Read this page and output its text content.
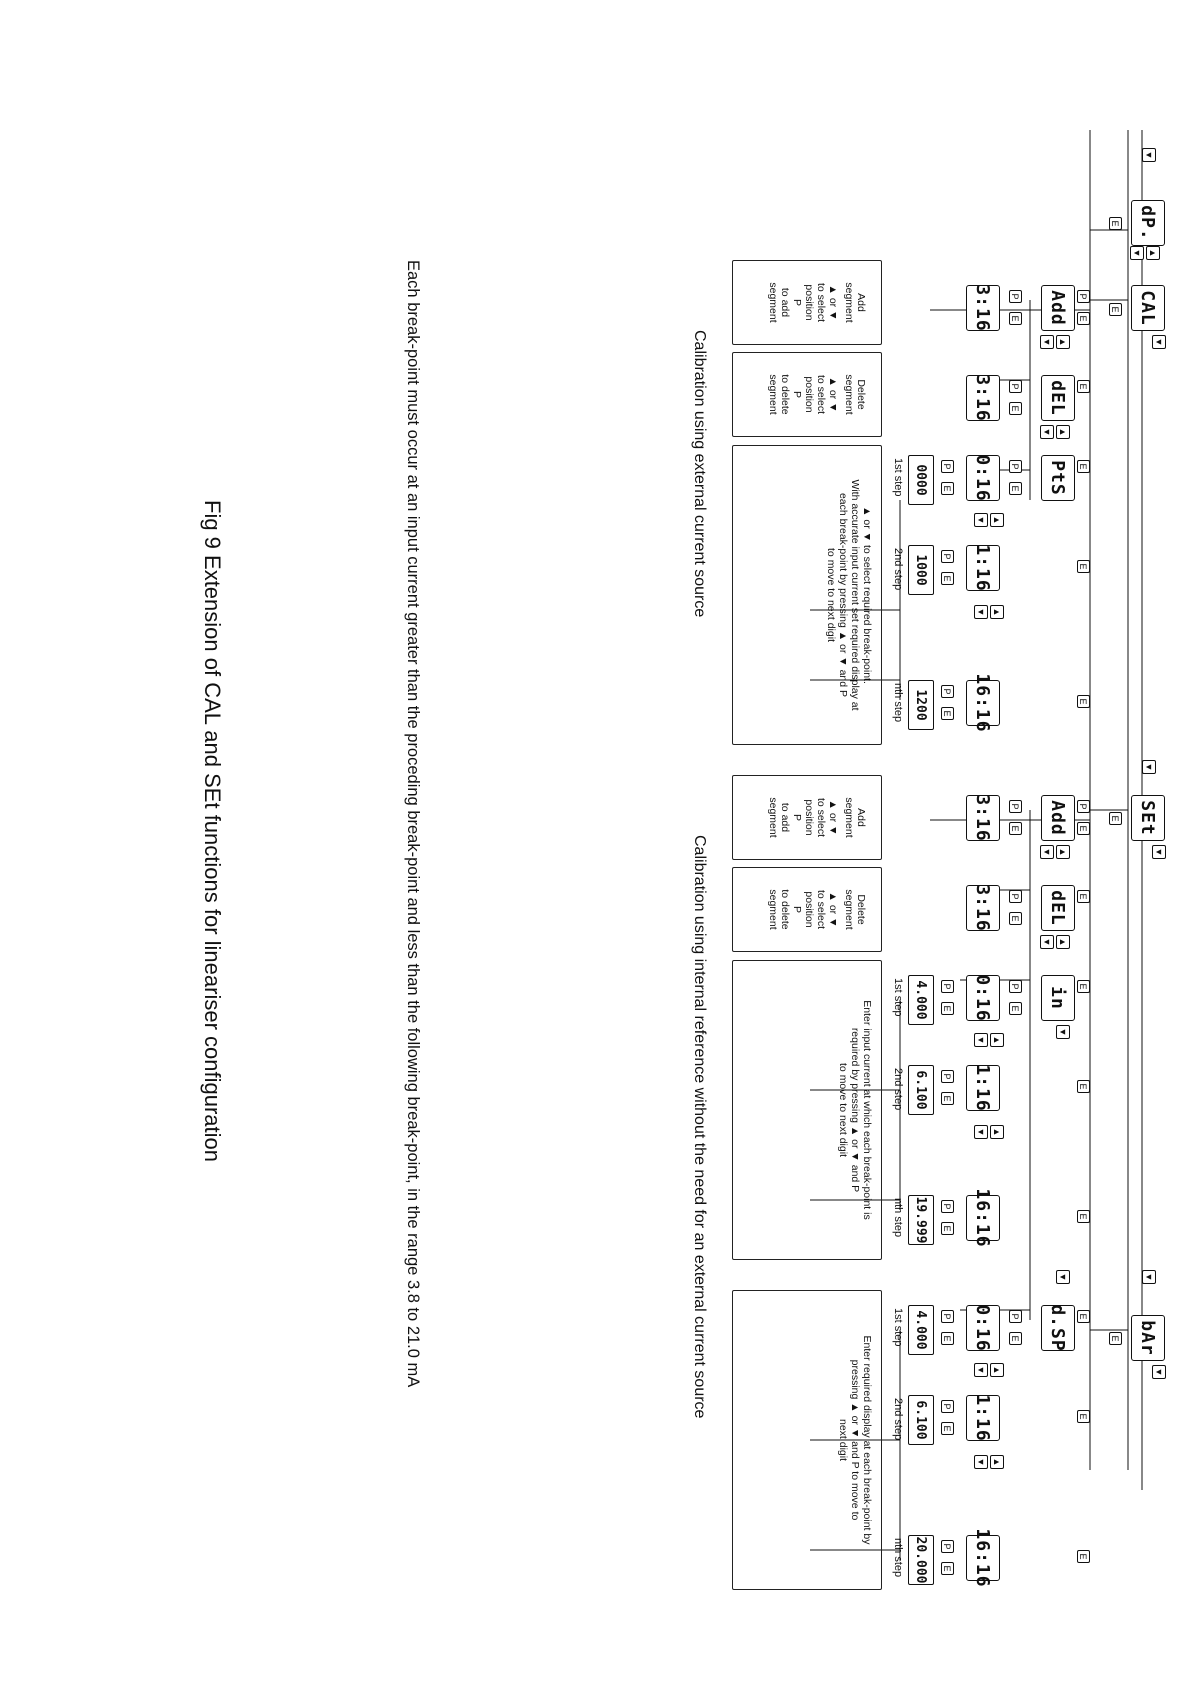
dP.
E
▲
▼
▼
CAL
E
▼
SEt
E
▼
▼
bAr
E
▼
▼
Add	P
E
3:16	P
E
▲
▼
dEL	E
3:16	P
E
▲
▼
PtS	E
0:16	P
E
0000	P
E
1st step
1:16	E
▲
▼
1000	P
E
2nd step
▲
▼
16:16	E
1200	P
E
nth step
Add
segment
▲ or ▼
to select
position
P
to add
segment
Delete
segment
▲ or ▼
to select
position
P
to delete
segment
▲ or ▼ to select required break-point.
With accurate input current set required display at
each break-point by pressing ▲ or ▼ and P
to move to next digit
Calibration using external current source
Add	P
E
3:16	P
E
▲
▼
dEL	E
3:16	P
E
▲
▼
in	E
▼
0:16	P
E
4.000	P
E
1st step
1:16	E
▲
▼
6.100	P
E
2nd step
▲
▼
16:16	E
19.999	P
E
nth step
d.SP	E
▼
0:16	P
E
4.000	P
E
1st step
1:16	E
▲
▼
6.100	P
E
2nd step
▲
▼
16:16	E
20.000	P
E
nth step
Add
segment
▲ or ▼
to select
position
P
to add
segment
Delete
segment
▲ or ▼
to select
position
P
to delete
segment
Enter input current at which each break-point is
required by pressing ▲ or ▼ and P
to move to next digit
Enter required display at each break-point by
pressing ▲ or ▼ and P to move to
next digit
Calibration using internal reference without the need for an external current source
Each break-point must occur at an input current greater than the proceding break-point and less than the following break-point, in the range 3.8 to 21.0 mA
Fig 9 Extension of CAL and SEt functions for lineariser configuration
